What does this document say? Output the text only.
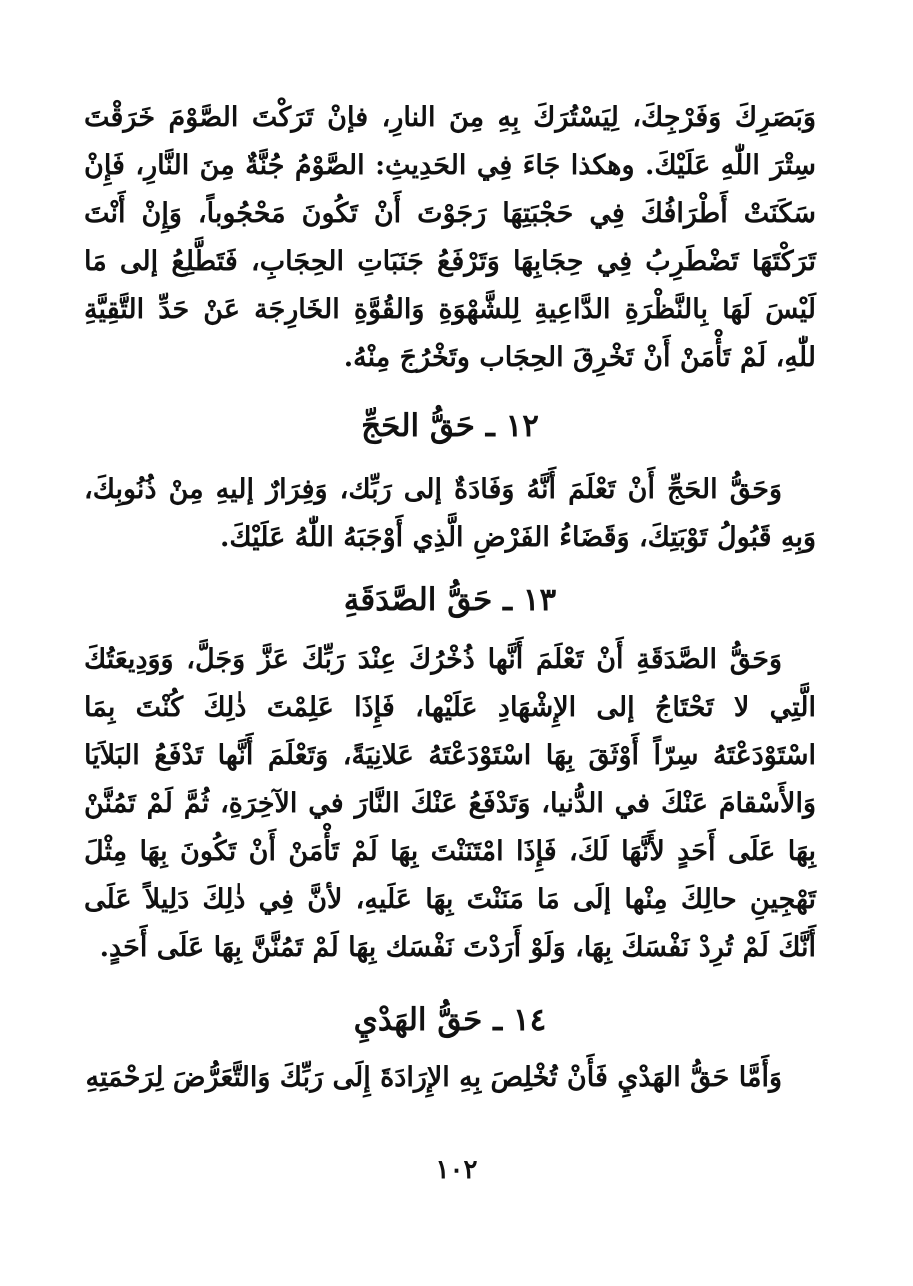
وَبَصَرِكَ وَفَرْجِكَ، لِيَسْتُرَكَ بِهِ مِنَ النارِ، فإنْ تَرَكْتَ الصَّوْمَ خَرَقْتَ سِتْرَ اللّٰهِ عَلَيْكَ. وهكذا جَاءَ فِي الحَدِيثِ: الصَّوْمُ جُنَّةٌ مِنَ النَّارِ، فَإِنْ سَكَنَتْ أَطْرَافُكَ فِي حَجْبَتِهَا رَجَوْتَ أَنْ تَكُونَ مَحْجُوباً، وَإِنْ أَنْتَ تَرَكْتَهَا تَضْطَرِبُ فِي حِجَابِهَا وَتَرْفَعُ جَنَبَاتِ الحِجَابِ، فَتَطَّلِعُ إلى مَا لَيْسَ لَهَا بِالنَّظْرَةِ الدَّاعِيةِ لِلشَّهْوَةِ وَالقُوَّةِ الخَارِجَة عَنْ حَدِّ التَّقِيَّةِ للّٰهِ، لَمْ تَأْمَنْ أَنْ تَخْرِقَ الحِجَاب وتَخْرُجَ مِنْهُ.

١٢ ـ حَقُّ الحَجِّ

وَحَقُّ الحَجِّ أَنْ تَعْلَمَ أَنَّهُ وَفَادَةٌ إلى رَبِّك، وَفِرَارٌ إليهِ مِنْ ذُنُوبِكَ، وَبِهِ قَبُولُ تَوْبَتِكَ، وَقَضَاءُ الفَرْضِ الَّذِي أَوْجَبَهُ اللّٰهُ عَلَيْكَ.

١٣ ـ حَقُّ الصَّدَقَةِ

وَحَقُّ الصَّدَقَةِ أَنْ تَعْلَمَ أَنَّها ذُخْرُكَ عِنْدَ رَبِّكَ عَزَّ وَجَلَّ، وَوَدِيعَتُكَ الَّتِي لا تَحْتَاجُ إلى الإِشْهَادِ عَلَيْها، فَإِذَا عَلِمْتَ ذٰلِكَ كُنْتَ بِمَا اسْتَوْدَعْتَهُ سِرّاً أَوْثَقَ بِهَا اسْتَوْدَعْتَهُ عَلانِيَةً، وَتَعْلَمَ أَنَّها تَدْفَعُ البَلاَيَا وَالأَسْقامَ عَنْكَ في الدُّنيا، وَتَدْفَعُ عَنْكَ النَّارَ في الآخِرَةِ، ثُمَّ لَمْ تَمُنَّنْ بِهَا عَلَى أَحَدٍ لأَنَّهَا لَكَ، فَإِذَا امْتَنَنْتَ بِهَا لَمْ تَأْمَنْ أَنْ تَكُونَ بِهَا مِثْلَ تَهْجِينِ حالِكَ مِنْها إلَى مَا مَنَنْتَ بِهَا عَلَيهِ، لأنَّ فِي ذٰلِكَ دَلِيلاً عَلَى أَنَّكَ لَمْ تُرِدْ نَفْسَكَ بِهَا، وَلَوْ أَرَدْتَ نَفْسَك بِهَا لَمْ تَمُنَّنَّ بِهَا عَلَى أَحَدٍ.

١٤ ـ حَقُّ الهَدْيِ

وَأَمَّا حَقُّ الهَدْيِ فَأَنْ تُخْلِصَ بِهِ الإِرَادَةَ إِلَى رَبِّكَ وَالتَّعَرُّضَ لِرَحْمَتِهِ

١٠٢
